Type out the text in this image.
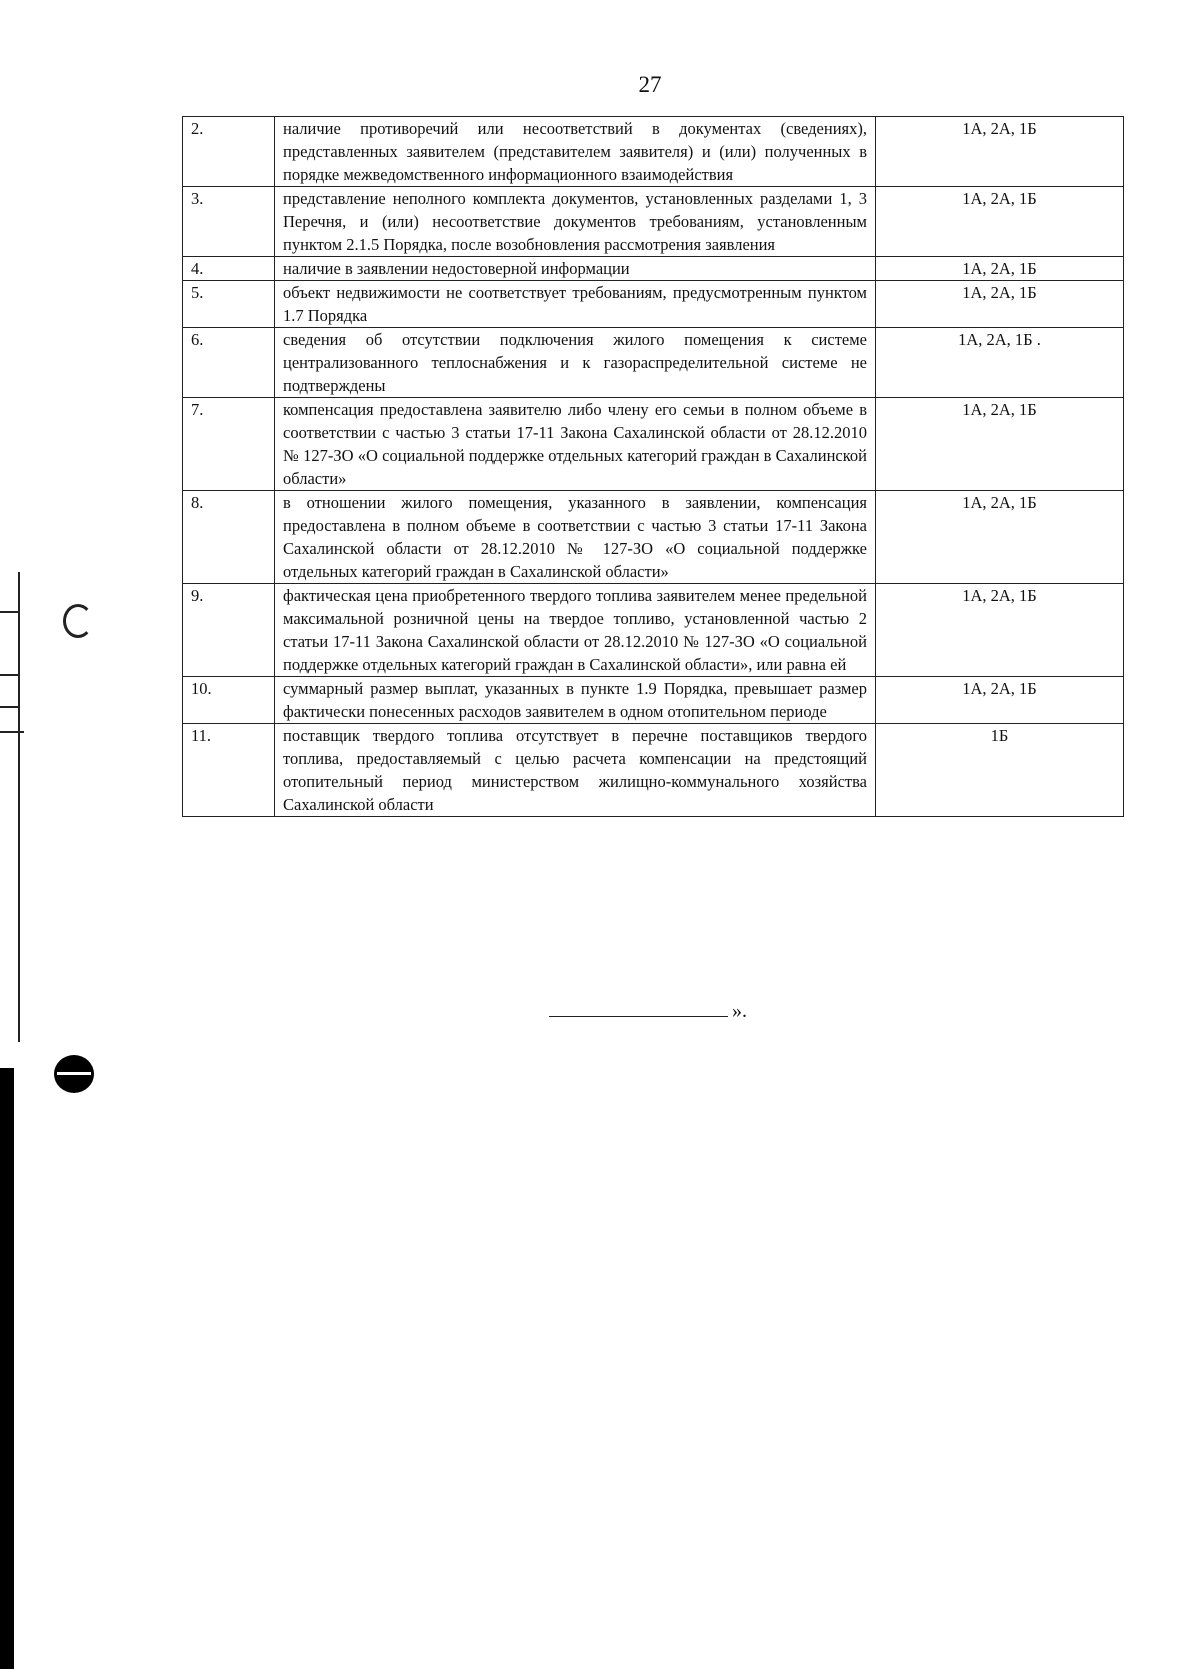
27
2.	наличие противоречий или несоответствий в документах (сведениях), представленных заявителем (представителем заявителя) и (или) полученных в порядке межведомственного информационного взаимодействия	1А, 2А, 1Б
3.	представление неполного комплекта документов, установленных разделами 1, 3 Перечня, и (или) несоответствие документов требованиям, установленным пунктом 2.1.5 Порядка, после возобновления рассмотрения заявления	1А, 2А, 1Б
4.	наличие в заявлении недостоверной информации	1А, 2А, 1Б
5.	объект недвижимости не соответствует требованиям, предусмотренным пунктом 1.7 Порядка	1А, 2А, 1Б
6.	сведения об отсутствии подключения жилого помещения к системе централизованного теплоснабжения и к газораспределительной системе не подтверждены	1А, 2А, 1Б .
7.	компенсация предоставлена заявителю либо члену его семьи в полном объеме в соответствии с частью 3 статьи 17-11 Закона Сахалинской области от 28.12.2010 № 127-ЗО «О социальной поддержке отдельных категорий граждан в Сахалинской области»	1А, 2А, 1Б
8.	в отношении жилого помещения, указанного в заявлении, компенсация предоставлена в полном объеме в соответствии с частью 3 статьи 17-11 Закона Сахалинской области от 28.12.2010 № 127-ЗО «О социальной поддержке отдельных категорий граждан в Сахалинской области»	1А, 2А, 1Б
9.	фактическая цена приобретенного твердого топлива заявителем менее предельной максимальной розничной цены на твердое топливо, установленной частью 2 статьи 17-11 Закона Сахалинской области от 28.12.2010 № 127-ЗО «О социальной поддержке отдельных категорий граждан в Сахалинской области», или равна ей	1А, 2А, 1Б
10.	суммарный размер выплат, указанных в пункте 1.9 Порядка, превышает размер фактически понесенных расходов заявителем в одном отопительном периоде	1А, 2А, 1Б
11.	поставщик твердого топлива отсутствует в перечне поставщиков твердого топлива, предоставляемый с целью расчета компенсации на предстоящий отопительный период министерством жилищно-коммунального хозяйства Сахалинской области	1Б
».
